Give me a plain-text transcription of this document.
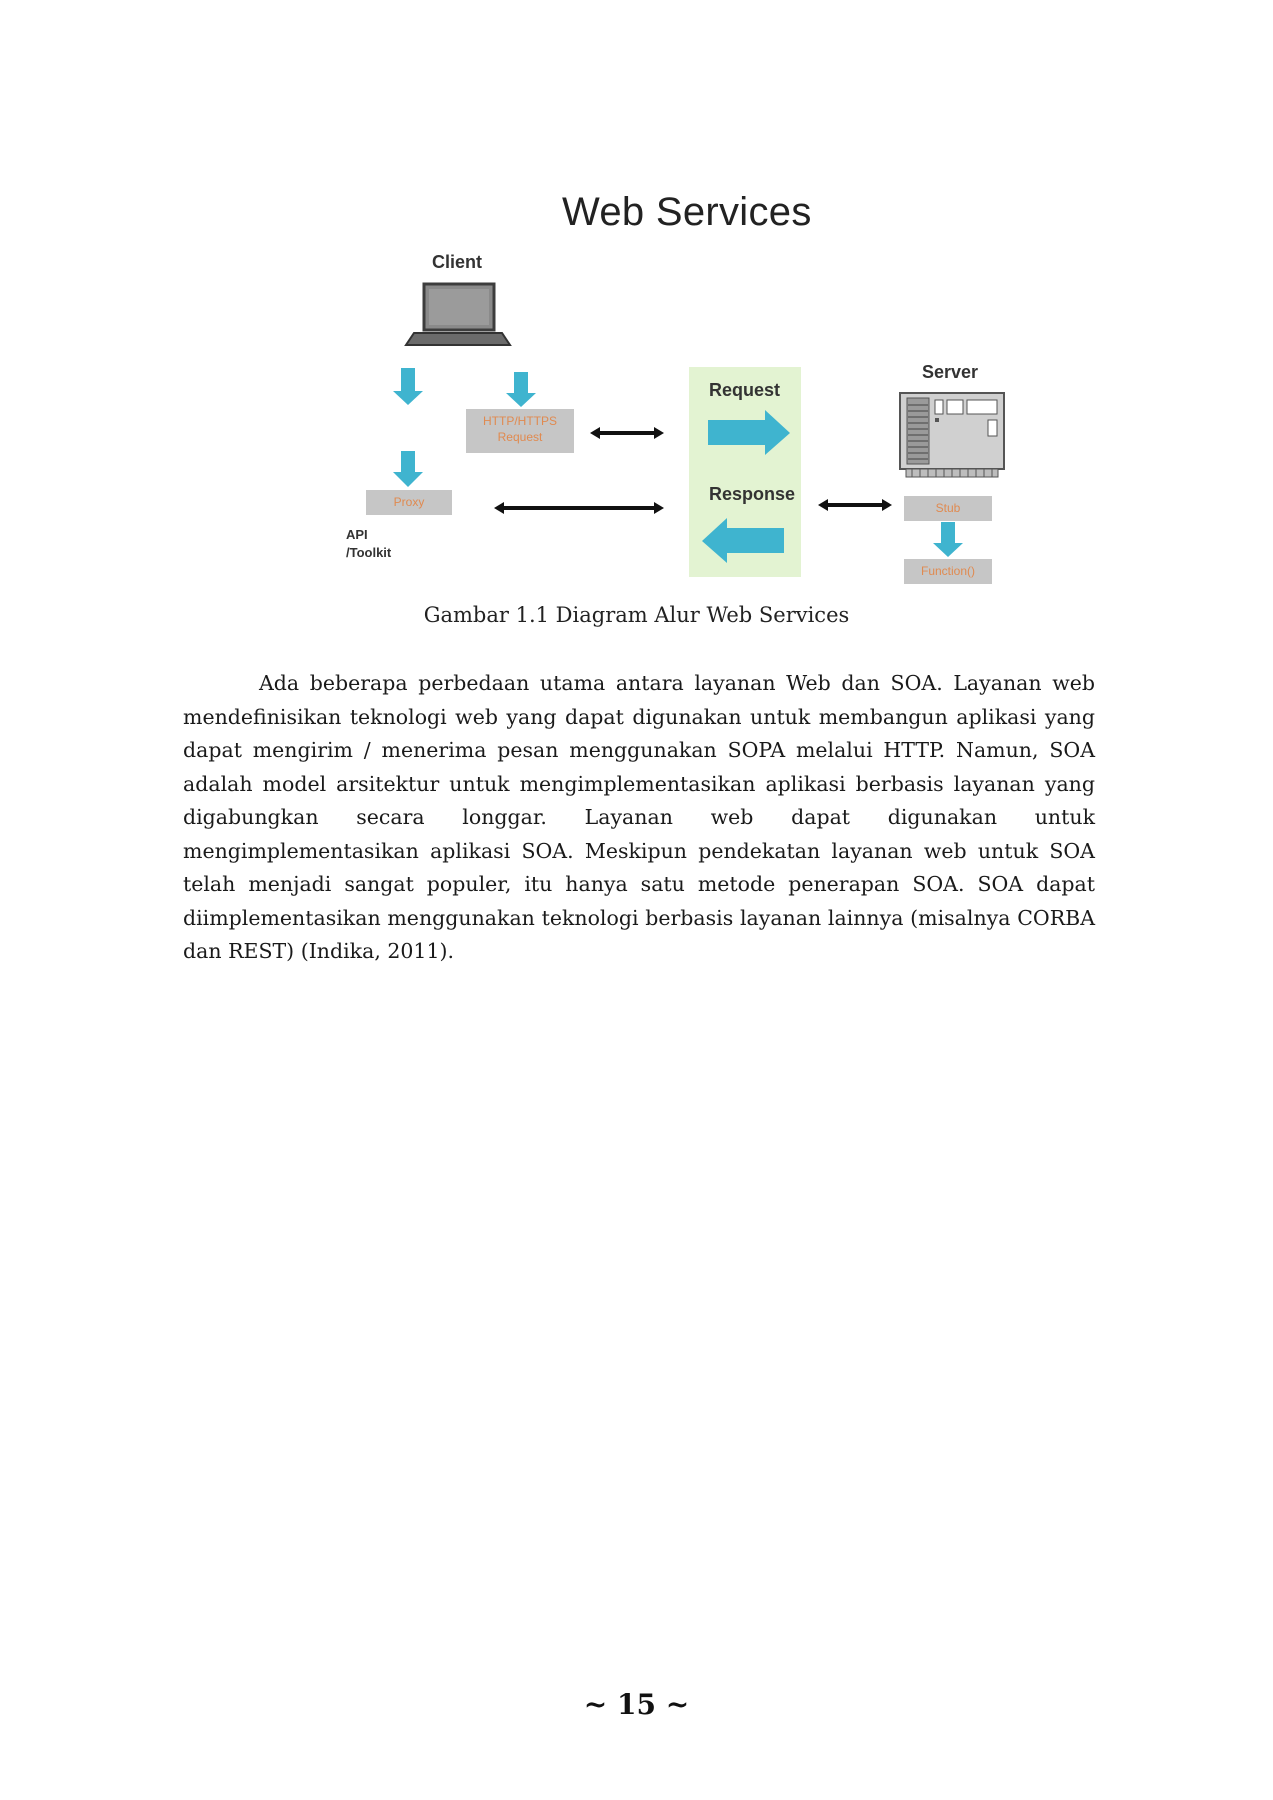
Web Services
Client
Server
Request
Response
API
/Toolkit
HTTP/HTTPS
Request
Proxy	Stub
Function()
Gambar 1.1 Diagram Alur Web Services

Ada beberapa perbedaan utama antara layanan Web dan SOA. Layanan web mendefinisikan teknologi web yang dapat digunakan untuk membangun aplikasi yang dapat mengirim / menerima pesan menggunakan SOPA melalui HTTP. Namun, SOA adalah model arsitektur untuk mengimplementasikan aplikasi berbasis layanan yang digabungkan secara longgar. Layanan web dapat digunakan untuk mengimplementasikan aplikasi SOA. Meskipun pendekatan layanan web untuk SOA telah menjadi sangat populer, itu hanya satu metode penerapan SOA. SOA dapat diimplementasikan menggunakan teknologi berbasis layanan lainnya (misalnya CORBA dan REST) (Indika, 2011).

~ 15 ~
